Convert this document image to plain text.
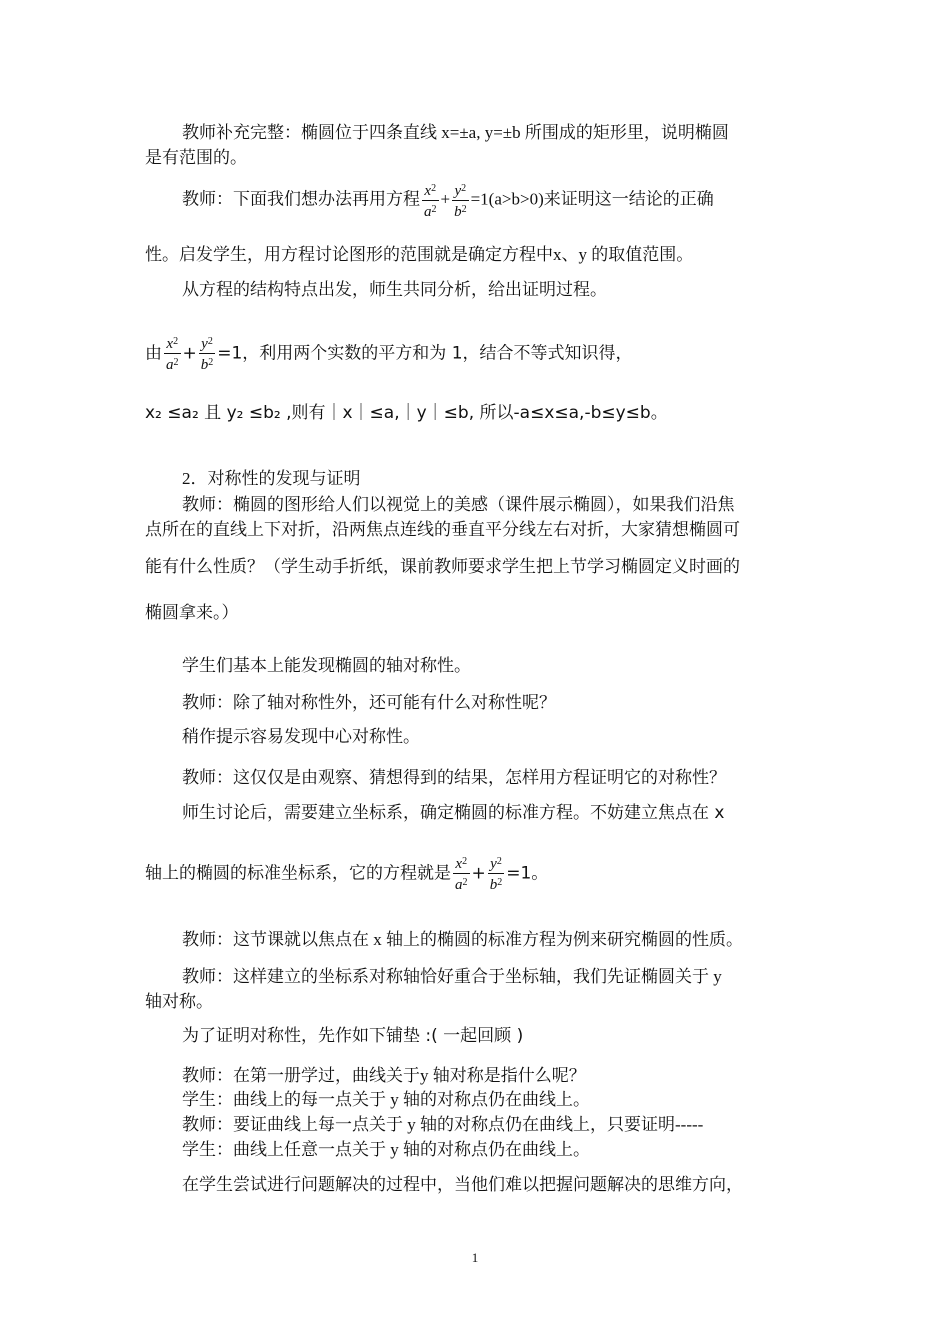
教师补充完整：椭圆位于四条直线 x=±a, y=±b 所围成的矩形里，说明椭圆
是有范围的。
教师：下面我们想办法再用方程 $\frac{x^2}{a^2} + \frac{y^2}{b^2} =1(a>b>0)$来证明这一结论的正确
性。启发学生，用方程讨论图形的范围就是确定方程中x、y 的取值范围。
从方程的结构特点出发，师生共同分析，给出证明过程。
由 $\frac{x^2}{a^2} + \frac{y^2}{b^2} =1$，利用两个实数的平方和为 1，结合不等式知识得，
x₂ ≤a₂ 且 y₂ ≤b₂ ,则有｜x｜≤a,｜y｜≤b, 所以-a≤x≤a,-b≤y≤b。
2．对称性的发现与证明
教师：椭圆的图形给人们以视觉上的美感（课件展示椭圆），如果我们沿焦
点所在的直线上下对折，沿两焦点连线的垂直平分线左右对折，大家猜想椭圆可
能有什么性质？（学生动手折纸，课前教师要求学生把上节学习椭圆定义时画的
椭圆拿来。）
学生们基本上能发现椭圆的轴对称性。
教师：除了轴对称性外，还可能有什么对称性呢？
稍作提示容易发现中心对称性。
教师：这仅仅是由观察、猜想得到的结果，怎样用方程证明它的对称性？
师生讨论后，需要建立坐标系，确定椭圆的标准方程。不妨建立焦点在 x
轴上的椭圆的标准坐标系，它的方程就是 $\frac{x^2}{a^2} + \frac{y^2}{b^2} =1$。
教师：这节课就以焦点在 x 轴上的椭圆的标准方程为例来研究椭圆的性质。
教师：这样建立的坐标系对称轴恰好重合于坐标轴，我们先证椭圆关于 y
轴对称。
为了证明对称性，先作如下铺垫 :( 一起回顾 )
教师：在第一册学过，曲线关于y 轴对称是指什么呢？
学生：曲线上的每一点关于 y 轴的对称点仍在曲线上。
教师：要证曲线上每一点关于 y 轴的对称点仍在曲线上，只要证明-----
学生：曲线上任意一点关于 y 轴的对称点仍在曲线上。
在学生尝试进行问题解决的过程中，当他们难以把握问题解决的思维方向，
1
